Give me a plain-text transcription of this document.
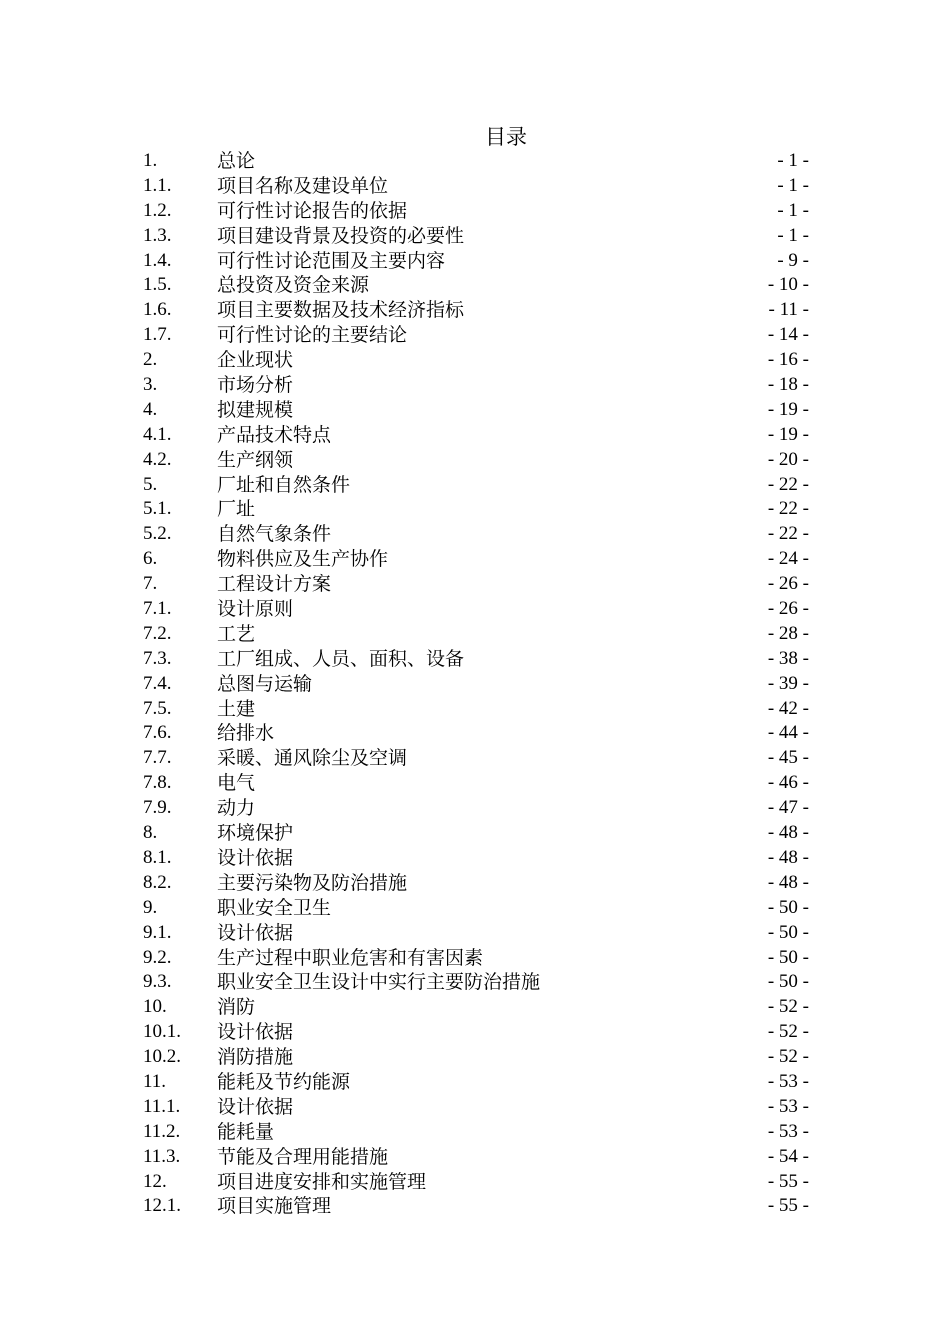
目录
1.	总论	- 1 -
1.1. 项目名称及建设单位	- 1 -
1.2. 可行性讨论报告的依据	- 1 -
1.3. 项目建设背景及投资的必要性	- 1 -
1.4. 可行性讨论范围及主要内容	- 9 -
1.5. 总投资及资金来源	- 10 -
1.6. 项目主要数据及技术经济指标	- 11 -
1.7. 可行性讨论的主要结论	- 14 -
2.	企业现状	- 16 -
3.	市场分析	- 18 -
4.	拟建规模	- 19 -
4.1. 产品技术特点	- 19 -
4.2. 生产纲领	- 20 -
5.	厂址和自然条件	- 22 -
5.1. 厂址	- 22 -
5.2. 自然气象条件	- 22 -
6.	物料供应及生产协作	- 24 -
7.	工程设计方案	- 26 -
7.1. 设计原则	- 26 -
7.2. 工艺	- 28 -
7.3. 工厂组成、人员、面积、设备	- 38 -
7.4. 总图与运输	- 39 -
7.5. 土建	- 42 -
7.6. 给排水	- 44 -
7.7. 采暖、通风除尘及空调	- 45 -
7.8. 电气	- 46 -
7.9. 动力	- 47 -
8.	环境保护	- 48 -
8.1. 设计依据	- 48 -
8.2. 主要污染物及防治措施	- 48 -
9.	职业安全卫生	- 50 -
9.1. 设计依据	- 50 -
9.2. 生产过程中职业危害和有害因素	- 50 -
9.3. 职业安全卫生设计中实行主要防治措施	- 50 -
10.	消防	- 52 -
10.1. 设计依据	- 52 -
10.2. 消防措施	- 52 -
11.	能耗及节约能源	- 53 -
11.1. 设计依据	- 53 -
11.2. 能耗量	- 53 -
11.3. 节能及合理用能措施	- 54 -
12.	项目进度安排和实施管理	- 55 -
12.1. 项目实施管理	- 55 -
